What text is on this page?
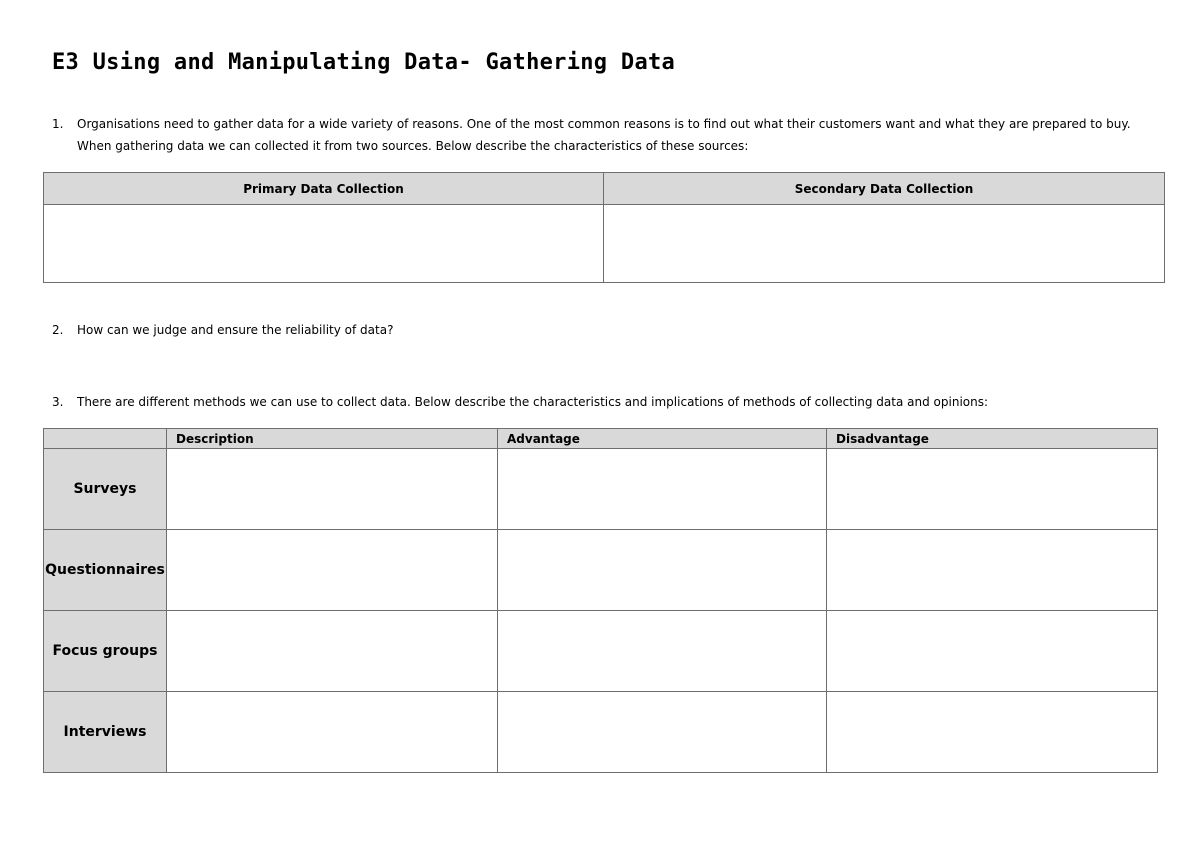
E3 Using and Manipulating Data- Gathering Data
1. Organisations need to gather data for a wide variety of reasons. One of the most common reasons is to find out what their customers want and what they are prepared to buy. When gathering data we can collected it from two sources. Below describe the characteristics of these sources:
Primary Data Collection	Secondary Data Collection

2. How can we judge and ensure the reliability of data?
3. There are different methods we can use to collect data. Below describe the characteristics and implications of methods of collecting data and opinions:
	Description	Advantage	Disadvantage
Surveys			
Questionnaires			
Focus groups			
Interviews			
